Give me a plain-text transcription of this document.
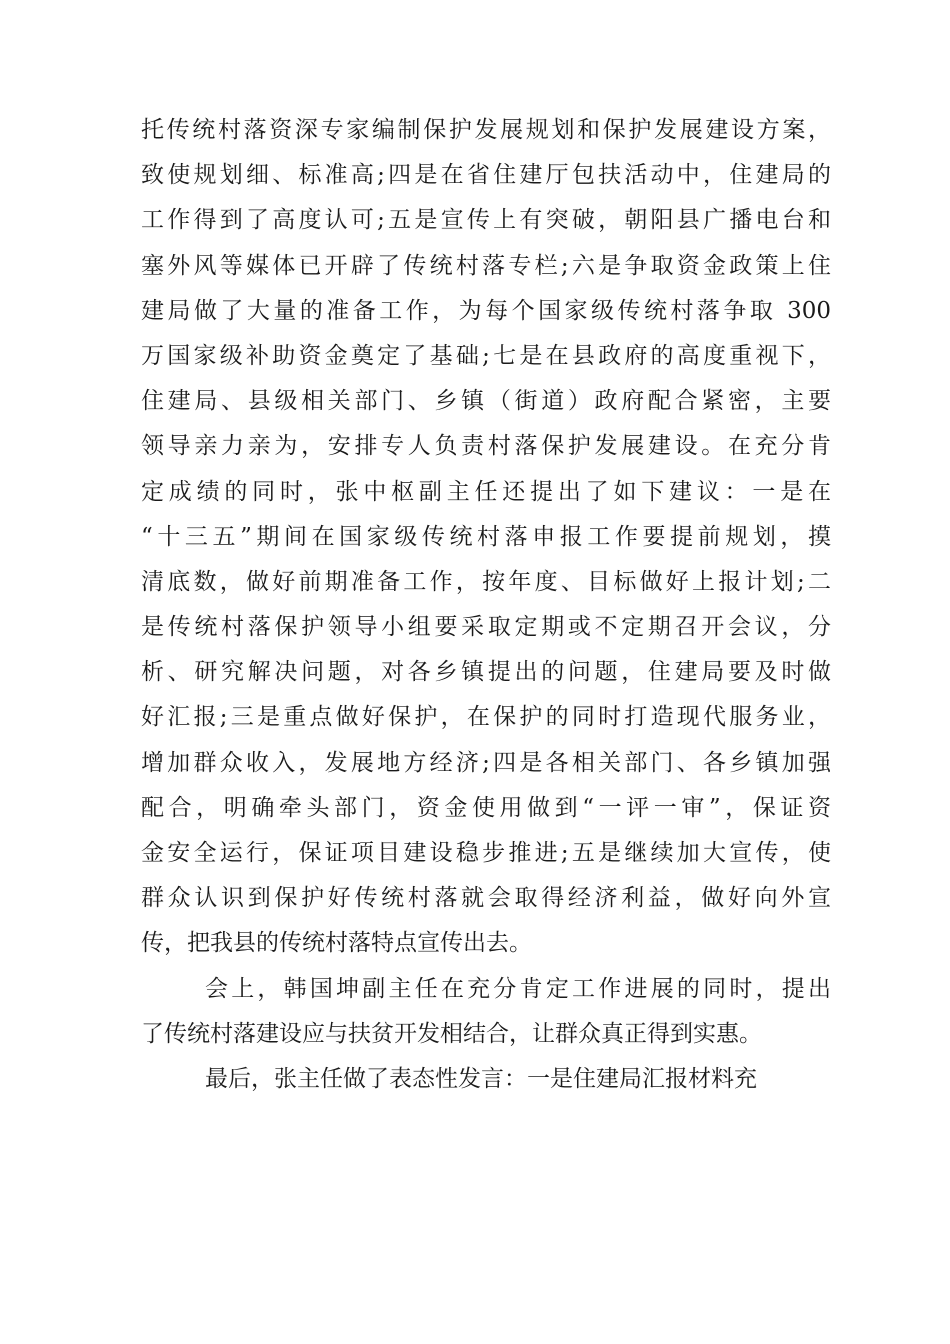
托传统村落资深专家编制保护发展规划和保护发展建设方案，
致使规划细、标准高;四是在省住建厅包扶活动中，住建局的
工作得到了高度认可;五是宣传上有突破，朝阳县广播电台和
塞外风等媒体已开辟了传统村落专栏;六是争取资金政策上住
建局做了大量的准备工作，为每个国家级传统村落争取 300
万国家级补助资金奠定了基础;七是在县政府的高度重视下，
住建局、县级相关部门、乡镇（街道）政府配合紧密，主要
领导亲力亲为，安排专人负责村落保护发展建设。在充分肯
定成绩的同时，张中枢副主任还提出了如下建议：一是在
“十三五”期间在国家级传统村落申报工作要提前规划，摸
清底数，做好前期准备工作，按年度、目标做好上报计划;二
是传统村落保护领导小组要采取定期或不定期召开会议，分
析、研究解决问题，对各乡镇提出的问题，住建局要及时做
好汇报;三是重点做好保护，在保护的同时打造现代服务业，
增加群众收入，发展地方经济;四是各相关部门、各乡镇加强
配合，明确牵头部门，资金使用做到“一评一审”，保证资
金安全运行，保证项目建设稳步推进;五是继续加大宣传，使
群众认识到保护好传统村落就会取得经济利益，做好向外宣
传，把我县的传统村落特点宣传出去。
会上，韩国坤副主任在充分肯定工作进展的同时，提出
了传统村落建设应与扶贫开发相结合，让群众真正得到实惠。
最后，张主任做了表态性发言：一是住建局汇报材料充
